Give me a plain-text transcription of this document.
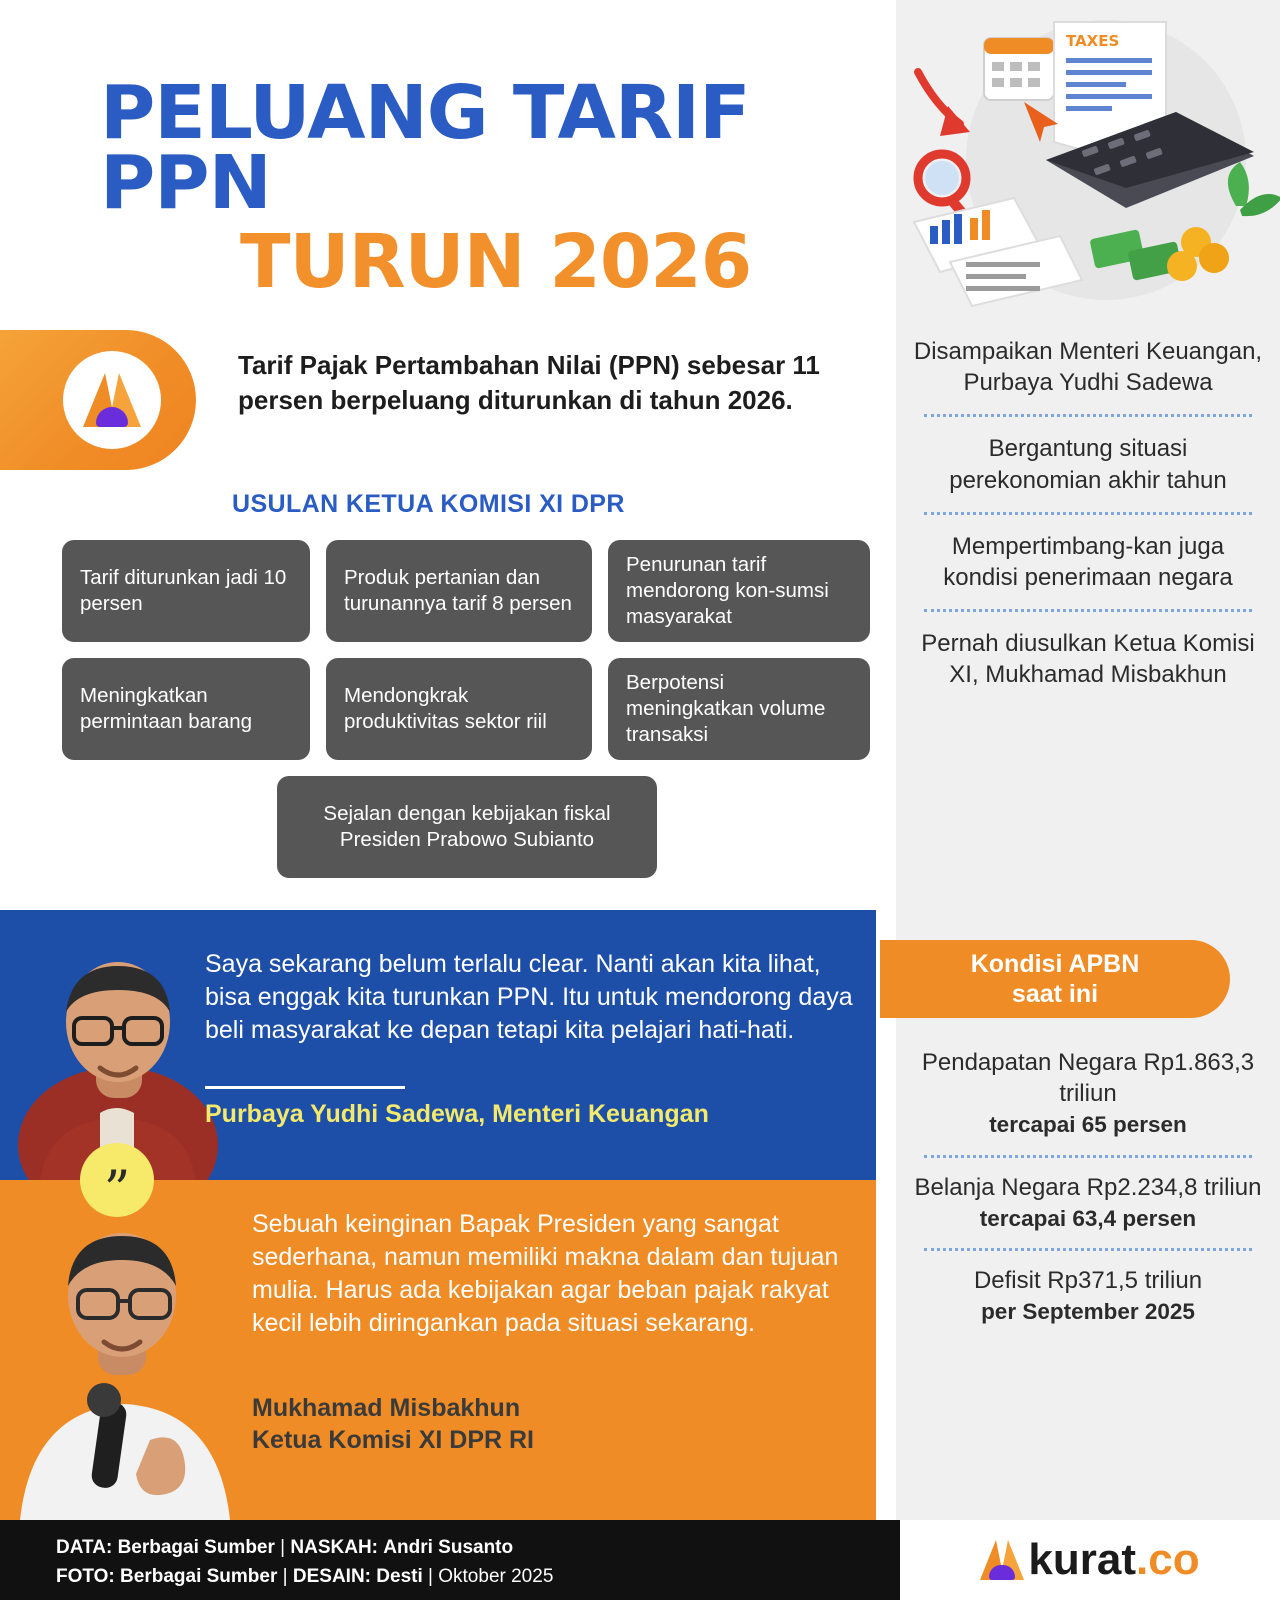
PELUANG TARIF PPN
TURUN 2026
Tarif Pajak Pertambahan Nilai (PPN) sebesar 11 persen berpeluang diturunkan di tahun 2026.
USULAN KETUA KOMISI XI DPR
Tarif diturunkan jadi 10 persen
Produk pertanian dan turunannya tarif 8 persen
Penurunan tarif mendorong kon-sumsi masyarakat
Meningkatkan permintaan barang
Mendongkrak produktivitas sektor riil
Berpotensi meningkatkan volume transaksi
Sejalan dengan kebijakan fiskal Presiden Prabowo Subianto
Saya sekarang belum terlalu clear. Nanti akan kita lihat, bisa enggak kita turunkan PPN. Itu untuk mendorong daya beli masyarakat ke depan tetapi kita pelajari hati-hati.
Purbaya Yudhi Sadewa, Menteri Keuangan
”
Sebuah keinginan Bapak Presiden yang sangat sederhana, namun memiliki makna dalam dan tujuan mulia. Harus ada kebijakan agar beban pajak rakyat kecil lebih diringankan pada situasi sekarang.
Mukhamad Misbakhun
Ketua Komisi XI DPR RI
TAXES
Disampaikan Menteri Keuangan, Purbaya Yudhi Sadewa
Bergantung situasi perekonomian akhir tahun
Mempertimbang-kan juga kondisi penerimaan negara
Pernah diusulkan Ketua Komisi XI, Mukhamad Misbakhun
Kondisi APBN
saat ini
Pendapatan Negara Rp1.863,3 triliun
tercapai 65 persen
Belanja Negara Rp2.234,8 triliun
tercapai 63,4 persen
Defisit Rp371,5 triliun
per September 2025
DATA: Berbagai Sumber | NASKAH: Andri Susanto
FOTO: Berbagai Sumber | DESAIN: Desti | Oktober 2025	kurat .co
